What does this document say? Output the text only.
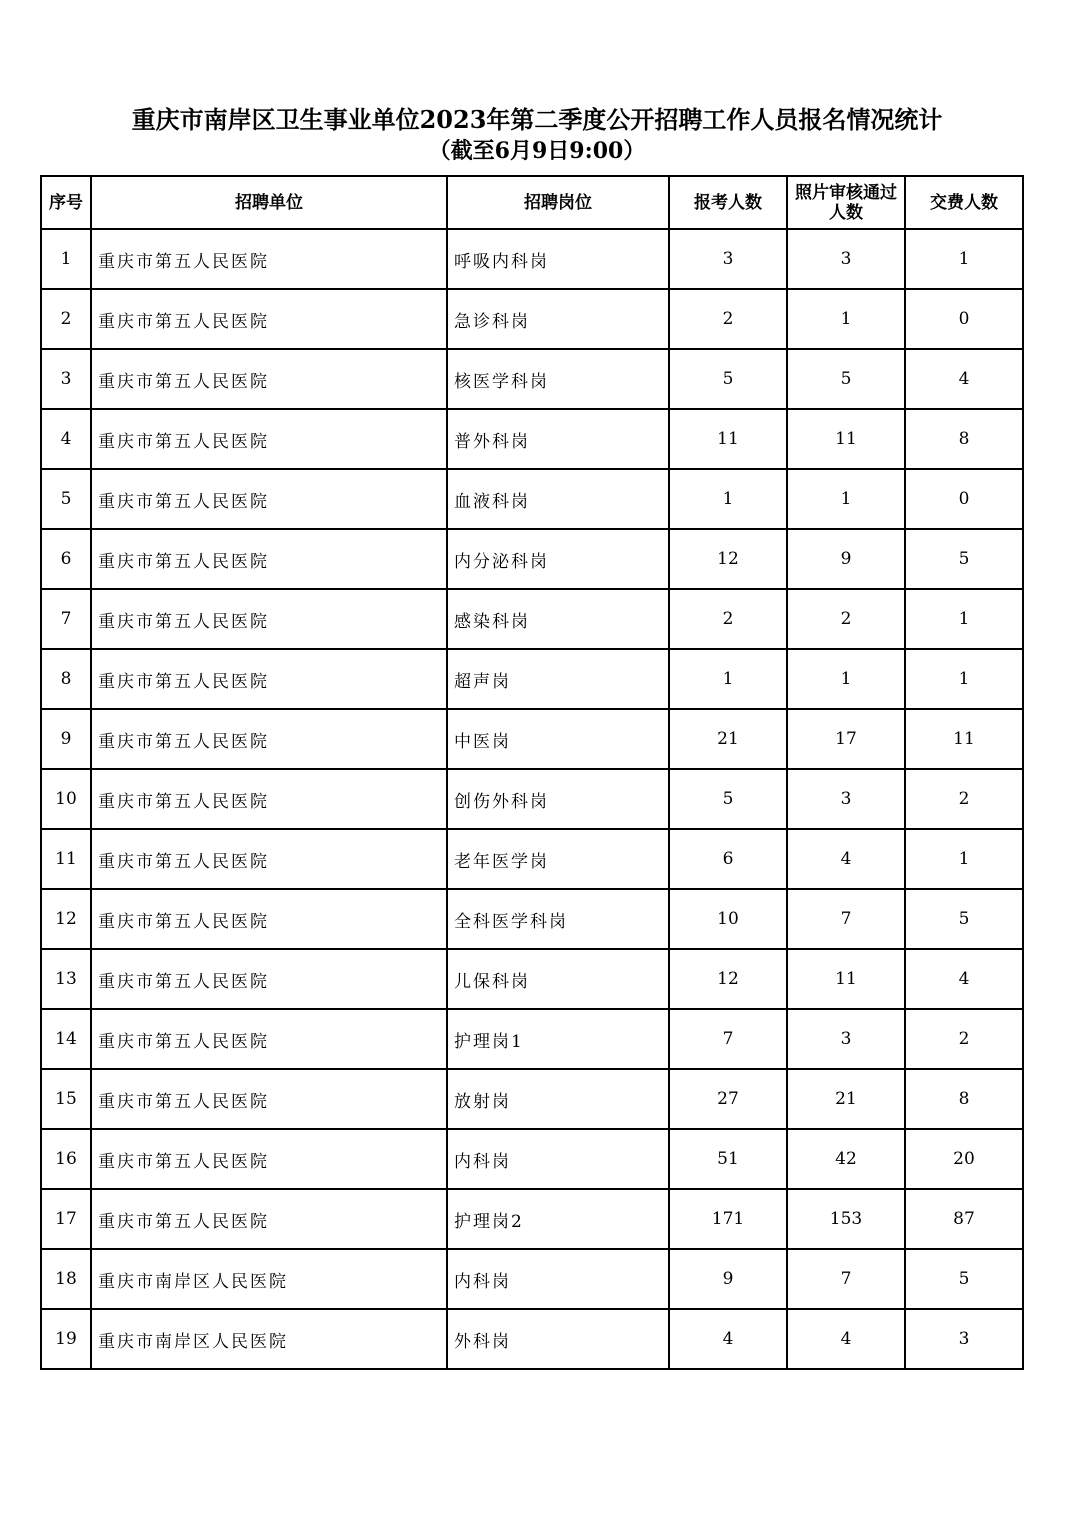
重庆市南岸区卫生事业单位2023年第二季度公开招聘工作人员报名情况统计
（截至6月9日9:00）
序号	招聘单位	招聘岗位	报考人数	照片审核通过人数	交费人数
1	重庆市第五人民医院	呼吸内科岗	3	3	1
2	重庆市第五人民医院	急诊科岗	2	1	0
3	重庆市第五人民医院	核医学科岗	5	5	4
4	重庆市第五人民医院	普外科岗	11	11	8
5	重庆市第五人民医院	血液科岗	1	1	0
6	重庆市第五人民医院	内分泌科岗	12	9	5
7	重庆市第五人民医院	感染科岗	2	2	1
8	重庆市第五人民医院	超声岗	1	1	1
9	重庆市第五人民医院	中医岗	21	17	11
10	重庆市第五人民医院	创伤外科岗	5	3	2
11	重庆市第五人民医院	老年医学岗	6	4	1
12	重庆市第五人民医院	全科医学科岗	10	7	5
13	重庆市第五人民医院	儿保科岗	12	11	4
14	重庆市第五人民医院	护理岗1	7	3	2
15	重庆市第五人民医院	放射岗	27	21	8
16	重庆市第五人民医院	内科岗	51	42	20
17	重庆市第五人民医院	护理岗2	171	153	87
18	重庆市南岸区人民医院	内科岗	9	7	5
19	重庆市南岸区人民医院	外科岗	4	4	3
